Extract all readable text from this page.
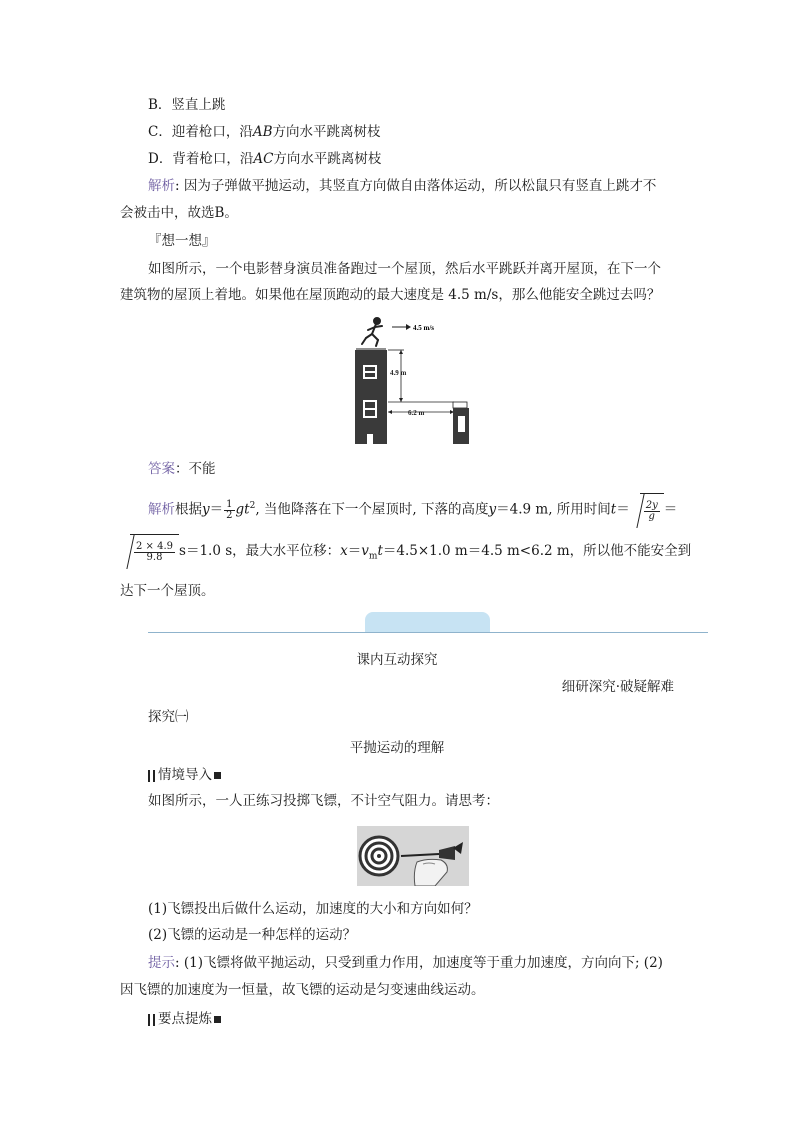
B．竖直上跳
C．迎着枪口，沿AB方向水平跳离树枝
D．背着枪口，沿AC方向水平跳离树枝
解析: 因为子弹做平抛运动，其竖直方向做自由落体运动，所以松鼠只有竖直上跳才不
会被击中，故选B。
『想一想』
如图所示，一个电影替身演员准备跑过一个屋顶，然后水平跳跃并离开屋顶，在下一个
建筑物的屋顶上着地。如果他在屋顶跑动的最大速度是 4.5 m/s，那么他能安全跳过去吗？
4.5 m/s
4.9 m
6.2 m
答案：不能
解析根据$y= \frac{1}{2} gt^2$, 当他降落在下一个屋顶时, 下落的高度y＝4.9 m, 所用时间$t= \frac{2y}{g}$ ＝
$\frac{2 \times 4.9}{9.8} s=1.0$ s，最大水平位移：$x=v_mt=4.5\times 1.0$ m＝4.5 m<6.2 m，所以他不能安全到
达下一个屋顶。
课内互动探究
细研深究·破疑解难
探究㈠
平抛运动的理解
情境导入
如图所示，一人正练习投掷飞镖，不计空气阻力。请思考：
(1)飞镖投出后做什么运动，加速度的大小和方向如何？
(2)飞镖的运动是一种怎样的运动？
提示: (1)飞镖将做平抛运动，只受到重力作用，加速度等于重力加速度，方向向下; (2)
因飞镖的加速度为一恒量，故飞镖的运动是匀变速曲线运动。
要点提炼
